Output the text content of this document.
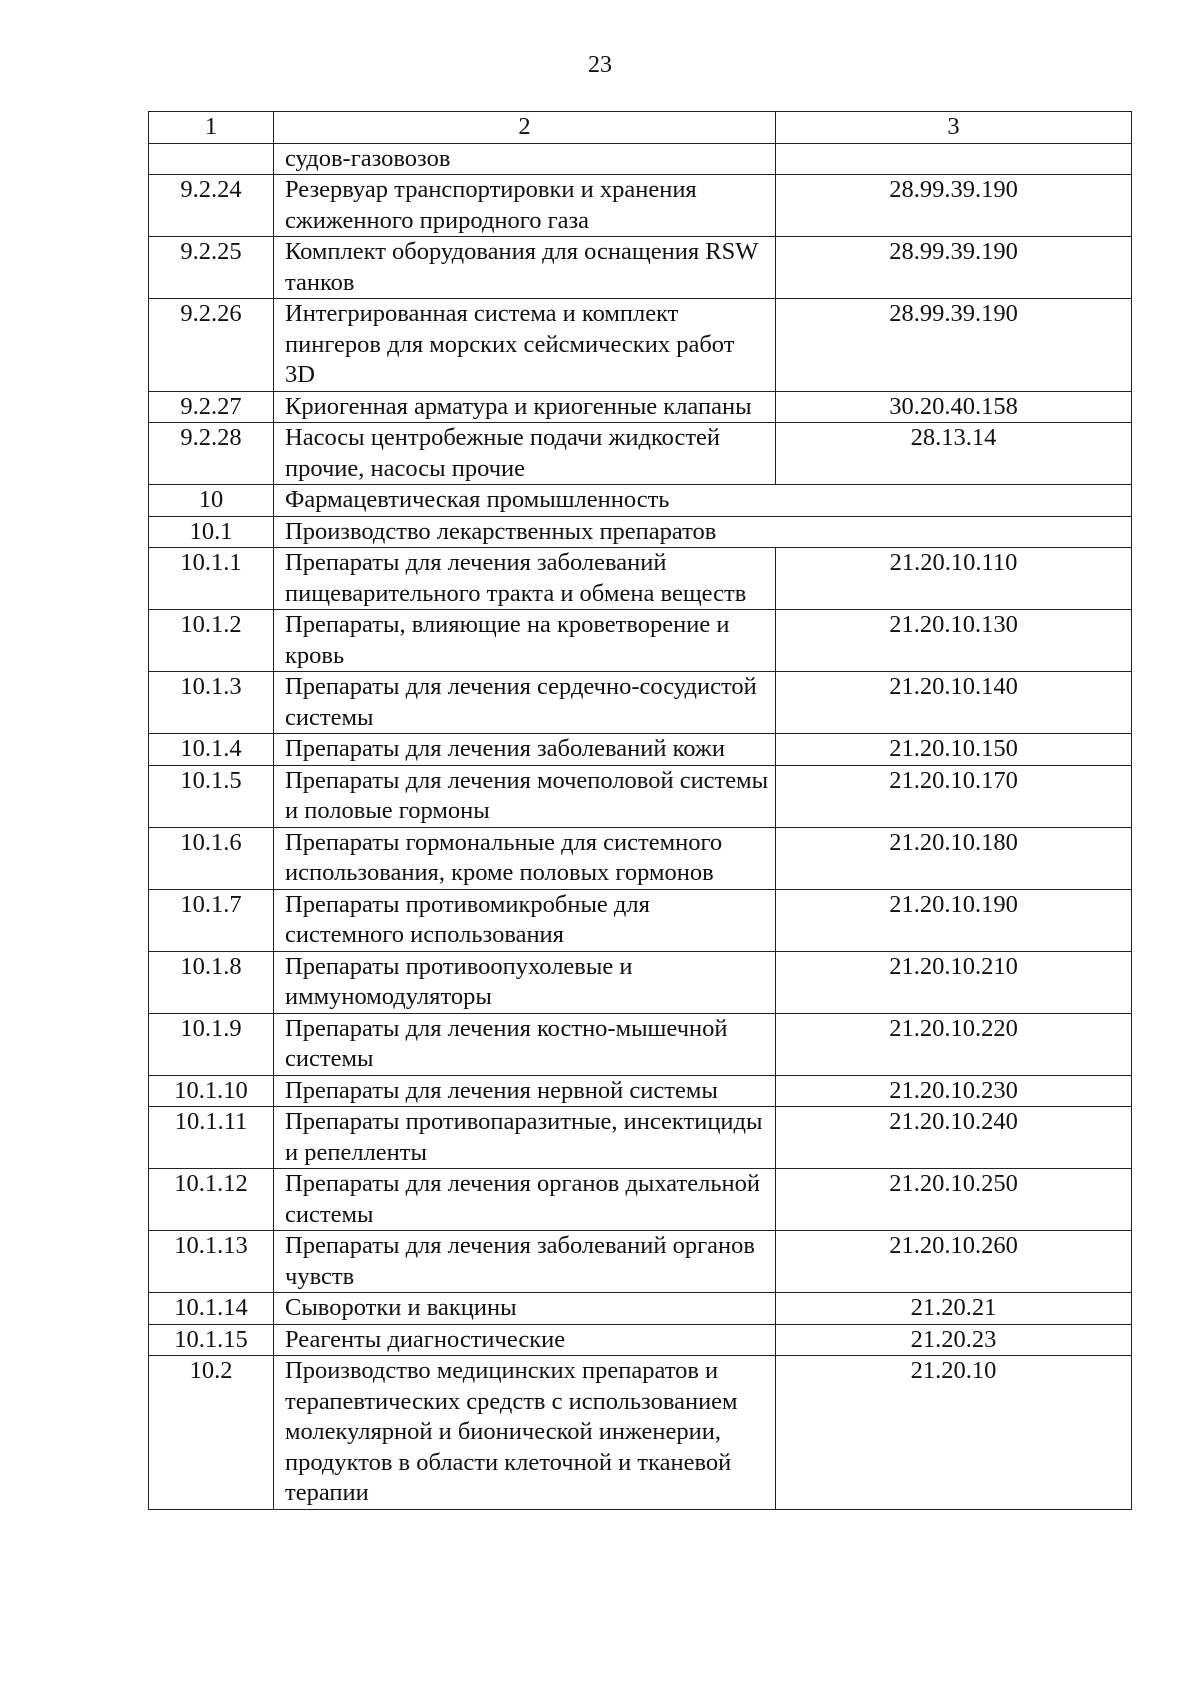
23
1	2	3
	судов-газовозов	
9.2.24	Резервуар транспортировки и хранения сжиженного природного газа	28.99.39.190
9.2.25	Комплект оборудования для оснащения RSW танков	28.99.39.190
9.2.26	Интегрированная система и комплект пингеров для морских сейсмических работ 3D	28.99.39.190
9.2.27	Криогенная арматура и криогенные клапаны	30.20.40.158
9.2.28	Насосы центробежные подачи жидкостей прочие, насосы прочие	28.13.14
10	Фармацевтическая промышленность	
10.1	Производство лекарственных препаратов	
10.1.1	Препараты для лечения заболеваний пищеварительного тракта и обмена веществ	21.20.10.110
10.1.2	Препараты, влияющие на кроветворение и кровь	21.20.10.130
10.1.3	Препараты для лечения сердечно-сосудистой системы	21.20.10.140
10.1.4	Препараты для лечения заболеваний кожи	21.20.10.150
10.1.5	Препараты для лечения мочеполовой системы и половые гормоны	21.20.10.170
10.1.6	Препараты гормональные для системного использования, кроме половых гормонов	21.20.10.180
10.1.7	Препараты противомикробные для системного использования	21.20.10.190
10.1.8	Препараты противоопухолевые и иммуномодуляторы	21.20.10.210
10.1.9	Препараты для лечения костно-мышечной системы	21.20.10.220
10.1.10	Препараты для лечения нервной системы	21.20.10.230
10.1.11	Препараты противопаразитные, инсектициды и репелленты	21.20.10.240
10.1.12	Препараты для лечения органов дыхательной системы	21.20.10.250
10.1.13	Препараты для лечения заболеваний органов чувств	21.20.10.260
10.1.14	Сыворотки и вакцины	21.20.21
10.1.15	Реагенты диагностические	21.20.23
10.2	Производство медицинских препаратов и терапевтических средств с использованием молекулярной и бионической инженерии, продуктов в области клеточной и тканевой терапии	21.20.10
